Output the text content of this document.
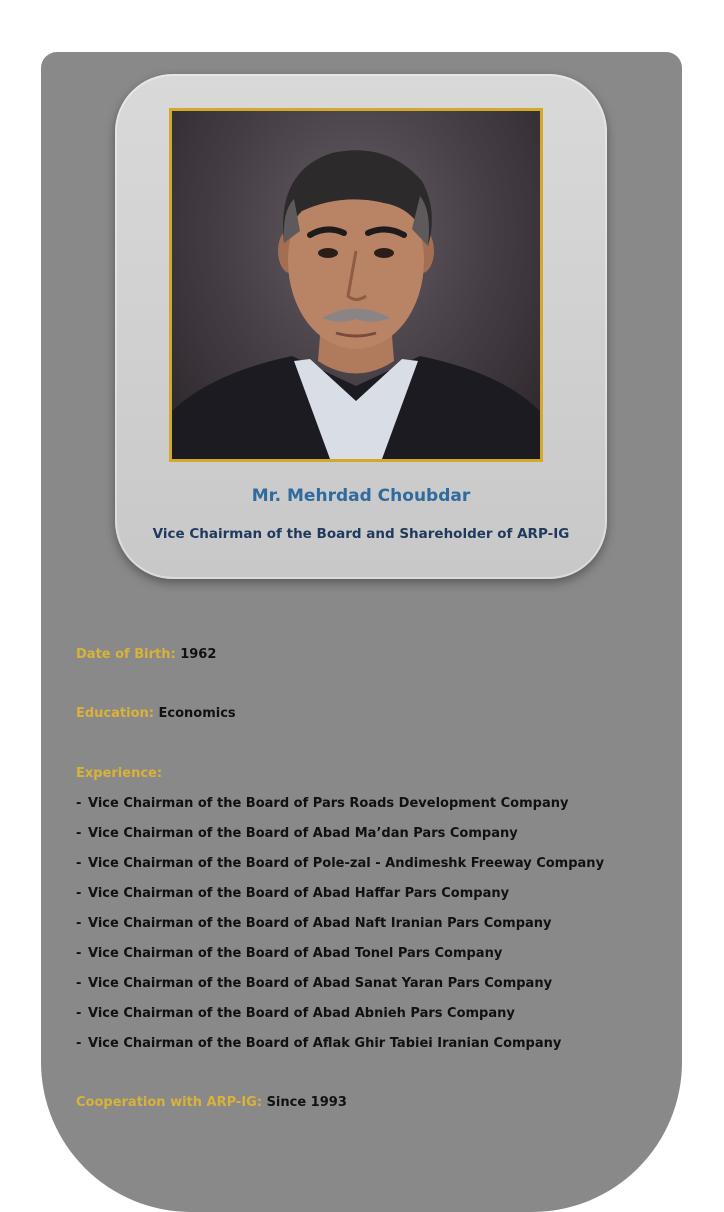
Mr. Mehrdad Choubdar
Vice Chairman of the Board and Shareholder of ARP-IG
Date of Birth: 1962
Education: Economics
Experience:
- Vice Chairman of the Board of Pars Roads Development Company
- Vice Chairman of the Board of Abad Ma’dan Pars Company
- Vice Chairman of the Board of Pole-zal - Andimeshk Freeway Company
- Vice Chairman of the Board of Abad Haffar Pars Company
- Vice Chairman of the Board of Abad Naft Iranian Pars Company
- Vice Chairman of the Board of Abad Tonel Pars Company
- Vice Chairman of the Board of Abad Sanat Yaran Pars Company
- Vice Chairman of the Board of Abad Abnieh Pars Company
- Vice Chairman of the Board of Aflak Ghir Tabiei Iranian Company
Cooperation with ARP-IG: Since 1993
